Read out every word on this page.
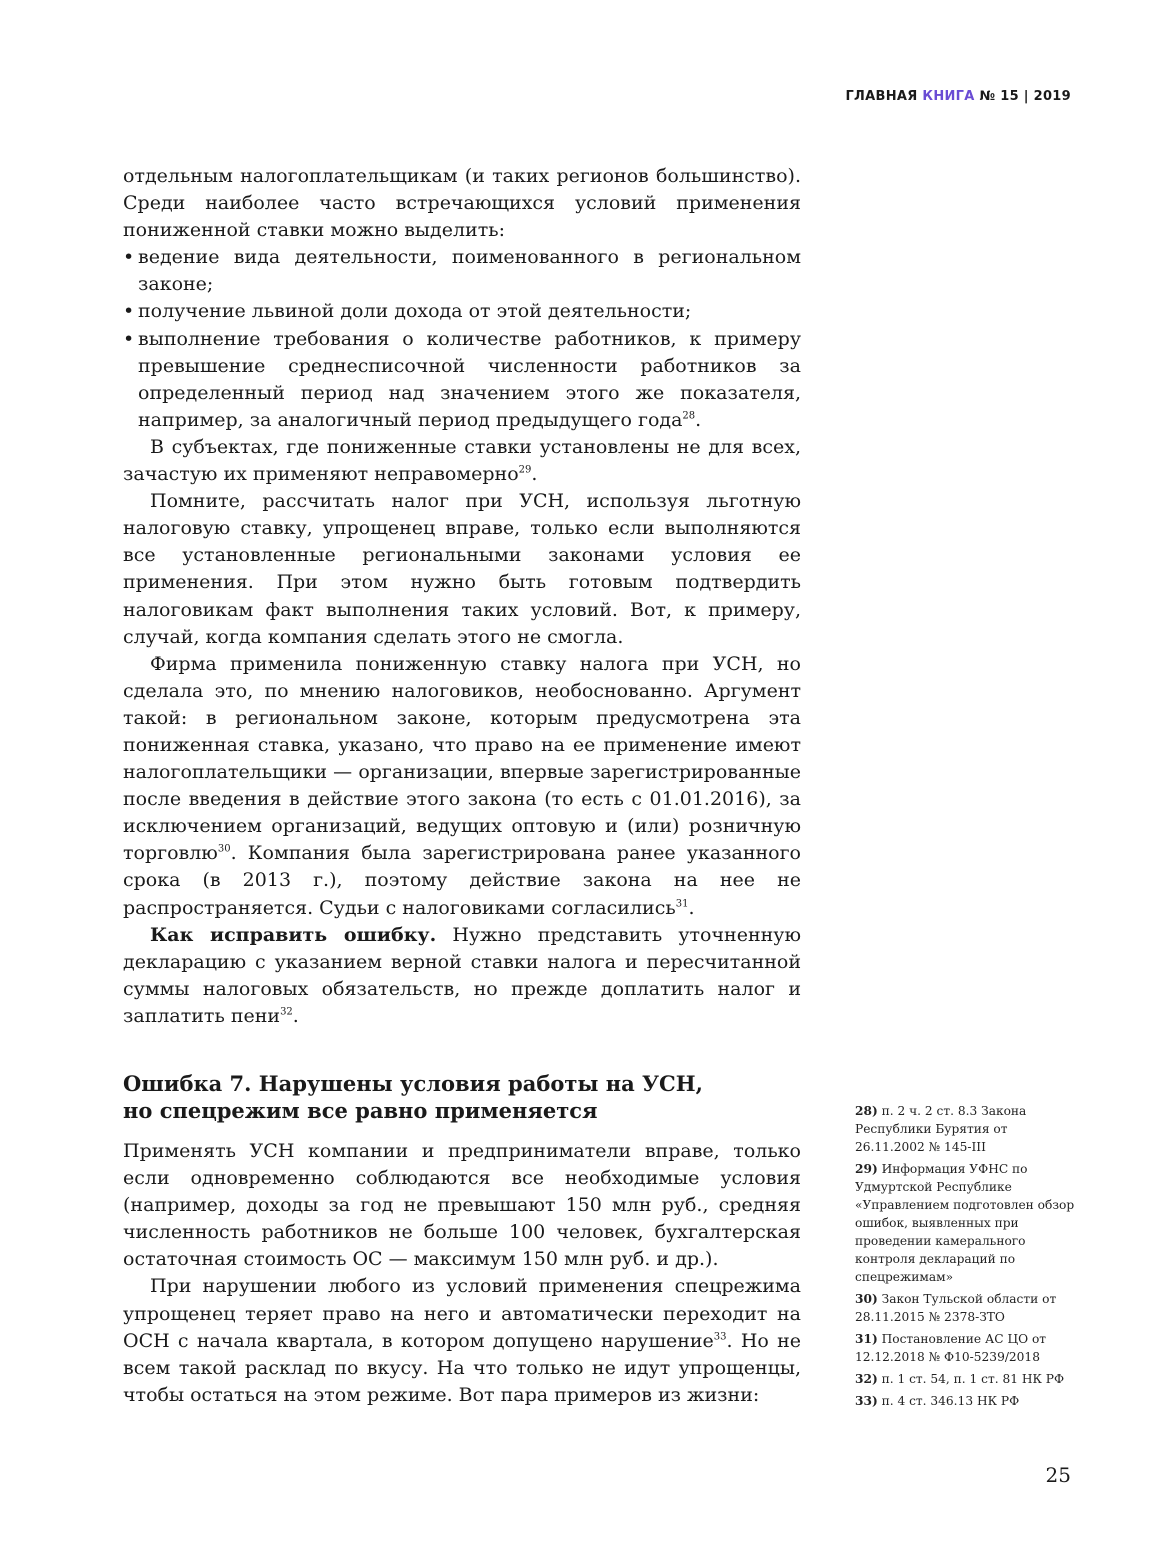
ГЛАВНАЯ КНИГА № 15 | 2019

отдельным налогоплательщикам (и таких регионов большинство). Среди наиболее часто встречающихся условий применения пониженной ставки можно выделить:

• ведение вида деятельности, поименованного в региональном законе;
• получение львиной доли дохода от этой деятельности;
• выполнение требования о количестве работников, к примеру превышение среднесписочной численности работников за определенный период над значением этого же показателя, например, за аналогичный период предыдущего года$^{28}$.

В субъектах, где пониженные ставки установлены не для всех, зачастую их применяют неправомерно$^{29}$.

Помните, рассчитать налог при УСН, используя льготную налоговую ставку, упрощенец вправе, только если выполняются все установленные региональными законами условия ее применения. При этом нужно быть готовым подтвердить налоговикам факт выполнения таких условий. Вот, к примеру, случай, когда компания сделать этого не смогла.

Фирма применила пониженную ставку налога при УСН, но сделала это, по мнению налоговиков, необоснованно. Аргумент такой: в региональном законе, которым предусмотрена эта пониженная ставка, указано, что право на ее применение имеют налогоплательщики — организации, впервые зарегистрированные после введения в действие этого закона (то есть с 01.01.2016), за исключением организаций, ведущих оптовую и (или) розничную торговлю$^{30}$. Компания была зарегистрирована ранее указанного срока (в 2013 г.), поэтому действие закона на нее не распространяется. Судьи с налоговиками согласились$^{31}$.

Как исправить ошибку. Нужно представить уточненную декларацию с указанием верной ставки налога и пересчитанной суммы налоговых обязательств, но прежде доплатить налог и заплатить пени$^{32}$.

Ошибка 7. Нарушены условия работы на УСН,
но спецрежим все равно применяется

Применять УСН компании и предприниматели вправе, только если одновременно соблюдаются все необходимые условия (например, доходы за год не превышают 150 млн руб., средняя численность работников не больше 100 человек, бухгалтерская остаточная стоимость ОС — максимум 150 млн руб. и др.).

При нарушении любого из условий применения спецрежима упрощенец теряет право на него и автоматически переходит на ОСН с начала квартала, в котором допущено нарушение$^{33}$. Но не всем такой расклад по вкусу. На что только не идут упрощенцы, чтобы остаться на этом режиме. Вот пара примеров из жизни:

28) п. 2 ч. 2 ст. 8.3 Закона Республики Бурятия от 26.11.2002 № 145-III
29) Информация УФНС по Удмуртской Республике «Управлением подготовлен обзор ошибок, выявленных при проведении камерального контроля деклараций по спецрежимам»
30) Закон Тульской области от 28.11.2015 № 2378-ЗТО
31) Постановление АС ЦО от 12.12.2018 № Ф10-5239/2018
32) п. 1 ст. 54, п. 1 ст. 81 НК РФ
33) п. 4 ст. 346.13 НК РФ
25
